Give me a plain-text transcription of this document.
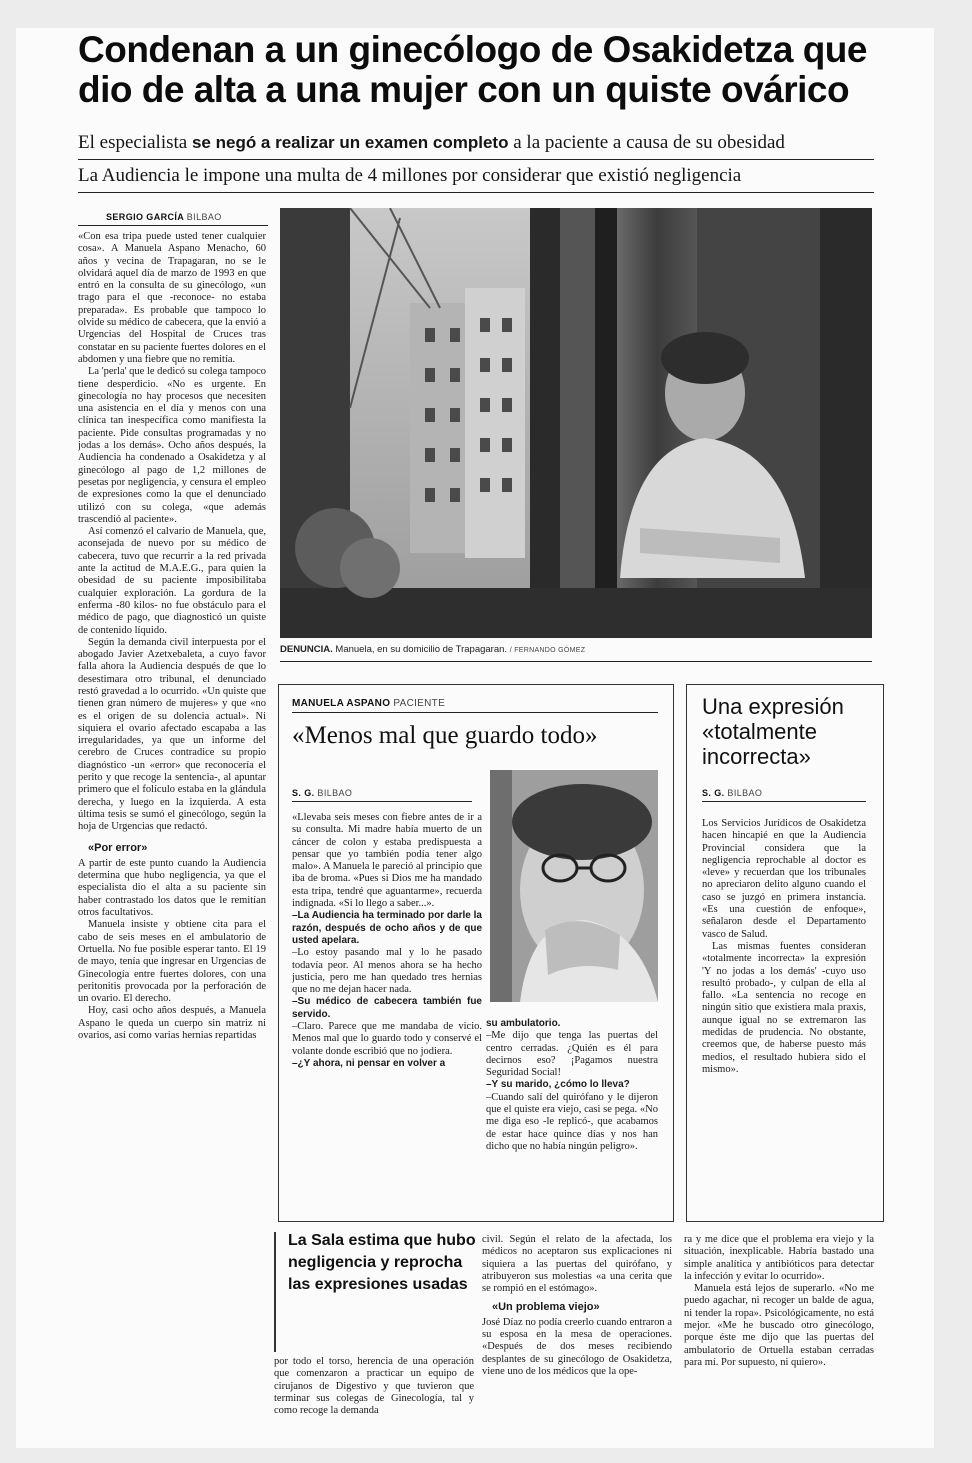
Condenan a un ginecólogo de Osakidetza que dio de alta a una mujer con un quiste ovárico

El especialista se negó a realizar un examen completo a la paciente a causa de su obesidad

La Audiencia le impone una multa de 4 millones por considerar que existió negligencia

SERGIO GARCÍA BILBAO

«Con esa tripa puede usted tener cualquier cosa». A Manuela Aspano Menacho, 60 años y vecina de Trapagaran, no se le olvidará aquel día de marzo de 1993 en que entró en la consulta de su ginecólogo, «un trago para el que -reconoce- no estaba preparada». Es probable que tampoco lo olvide su médico de cabecera, que la envió a Urgencias del Hospital de Cruces tras constatar en su paciente fuertes dolores en el abdomen y una fiebre que no remitía.

La 'perla' que le dedicó su colega tampoco tiene desperdicio. «No es urgente. En ginecología no hay procesos que necesiten una asistencia en el día y menos con una clínica tan inespecífica como manifiesta la paciente. Pide consultas programadas y no jodas a los demás». Ocho años después, la Audiencia ha condenado a Osakidetza y al ginecólogo al pago de 1,2 millones de pesetas por negligencia, y censura el empleo de expresiones como la que el denunciado utilizó con su colega, «que además trascendió al paciente».

Así comenzó el calvario de Manuela, que, aconsejada de nuevo por su médico de cabecera, tuvo que recurrir a la red privada ante la actitud de M.A.E.G., para quien la obesidad de su paciente imposibilitaba cualquier exploración. La gordura de la enferma -80 kilos- no fue obstáculo para el médico de pago, que diagnosticó un quiste de contenido líquido.

Según la demanda civil interpuesta por el abogado Javier Azetxebaleta, a cuyo favor falla ahora la Audiencia después de que lo desestimara otro tribunal, el denunciado restó gravedad a lo ocurrido. «Un quiste que tienen gran número de mujeres» y que «no es el origen de su dolencia actual». Ni siquiera el ovario afectado escapaba a las irregularidades, ya que un informe del cerebro de Cruces contradice su propio diagnóstico -un «error» que reconocería el perito y que recoge la sentencia-, al apuntar primero que el folículo estaba en la glándula derecha, y luego en la izquierda. A esta última tesis se sumó el ginecólogo, según la hoja de Urgencias que redactó.

«Por error»

A partir de este punto cuando la Audiencia determina que hubo negligencia, ya que el especialista dio el alta a su paciente sin haber contrastado los datos que le remitían otros facultativos.

Manuela insiste y obtiene cita para el cabo de seis meses en el ambulatorio de Ortuella. No fue posible esperar tanto. El 19 de mayo, tenía que ingresar en Urgencias de Ginecología entre fuertes dolores, con una peritonitis provocada por la perforación de un ovario. El derecho.

Hoy, casi ocho años después, a Manuela Aspano le queda un cuerpo sin matriz ni ovarios, así como varias hernias repartidas

DENUNCIA. Manuela, en su domicilio de Trapagaran. / FERNANDO GÓMEZ
MANUELA ASPANO PACIENTE

«Menos mal que guardo todo»

S. G. BILBAO

«Llevaba seis meses con fiebre antes de ir a su consulta. Mi madre había muerto de un cáncer de colon y estaba predispuesta a pensar que yo también podía tener algo malo». A Manuela le pareció al principio que iba de broma. «Pues si Dios me ha mandado esta tripa, tendré que aguantarme», recuerda indignada. «Si lo llego a saber...».

–La Audiencia ha terminado por darle la razón, después de ocho años y de que usted apelara.

–Lo estoy pasando mal y lo he pasado todavía peor. Al menos ahora se ha hecho justicia, pero me han quedado tres hernias que no me dejan hacer nada.

–Su médico de cabecera también fue servido.

–Claro. Parece que me mandaba de vicio. Menos mal que lo guardo todo y conservé el volante donde escribió que no jodiera.

–¿Y ahora, ni pensar en volver a

su ambulatorio.

–Me dijo que tenga las puertas del centro cerradas. ¿Quién es él para decirnos eso? ¡Pagamos nuestra Seguridad Social!

–Y su marido, ¿cómo lo lleva?

–Cuando salí del quirófano y le dijeron que el quiste era viejo, casi se pega. «No me diga eso -le replicó-, que acabamos de estar hace quince días y nos han dicho que no había ningún peligro».

Una expresión «totalmente incorrecta»

S. G. BILBAO

Los Servicios Jurídicos de Osakidetza hacen hincapié en que la Audiencia Provincial considera que la negligencia reprochable al doctor es «leve» y recuerdan que los tribunales no apreciaron delito alguno cuando el caso se juzgó en primera instancia. «Es una cuestión de enfoque», señalaron desde el Departamento vasco de Salud.

Las mismas fuentes consideran «totalmente incorrecta» la expresión 'Y no jodas a los demás' -cuyo uso resultó probado-, y culpan de ella al fallo. «La sentencia no recoge en ningún sitio que existiera mala praxis, aunque igual no se extremaron las medidas de prudencia. No obstante, creemos que, de haberse puesto más medios, el resultado hubiera sido el mismo».

La Sala estima que hubo negligencia y reprocha las expresiones usadas

por todo el torso, herencia de una operación que comenzaron a practicar un equipo de cirujanos de Digestivo y que tuvieron que terminar sus colegas de Ginecología, tal y como recoge la demanda

civil. Según el relato de la afectada, los médicos no aceptaron sus explicaciones ni siquiera a las puertas del quirófano, y atribuyeron sus molestias «a una cerita que se rompió en el estómago».

«Un problema viejo»

José Díaz no podía creerlo cuando entraron a su esposa en la mesa de operaciones. «Después de dos meses recibiendo desplantes de su ginecólogo de Osakidetza, viene uno de los médicos que la ope-

ra y me dice que el problema era viejo y la situación, inexplicable. Habría bastado una simple analítica y antibióticos para detectar la infección y evitar lo ocurrido».

Manuela está lejos de superarlo. «No me puedo agachar, ni recoger un balde de agua, ni tender la ropa». Psicológicamente, no está mejor. «Me he buscado otro ginecólogo, porque éste me dijo que las puertas del ambulatorio de Ortuella estaban cerradas para mí. Por supuesto, ni quiero».
